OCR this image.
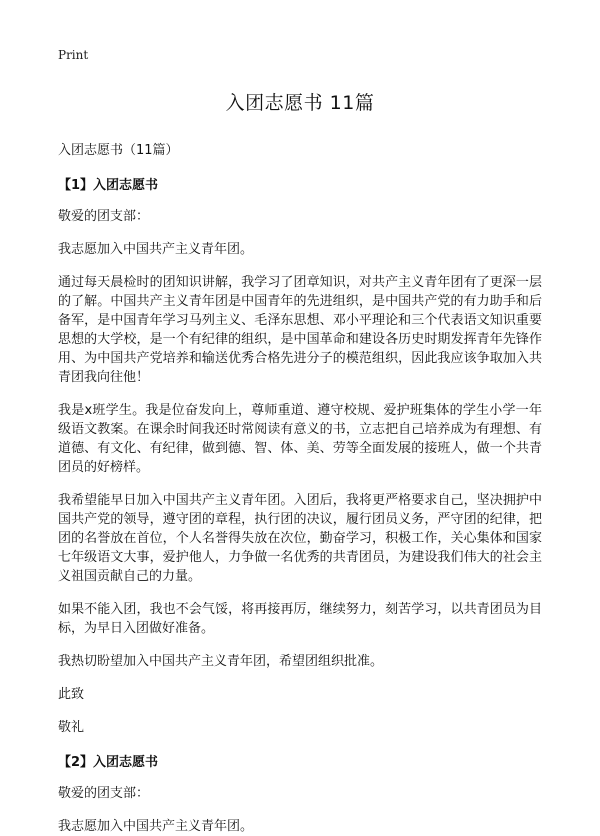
Print
入团志愿书 11篇
入团志愿书（11篇）
【1】入团志愿书

敬爱的团支部：

我志愿加入中国共产主义青年团。

通过每天晨检时的团知识讲解，我学习了团章知识，对共产主义青年团有了更深一层的了解。中国共产主义青年团是中国青年的先进组织，是中国共产党的有力助手和后备军，是中国青年学习马列主义、毛泽东思想、邓小平理论和三个代表语文知识重要思想的大学校，是一个有纪律的组织，是中国革命和建设各历史时期发挥青年先锋作用、为中国共产党培养和输送优秀合格先进分子的模范组织，因此我应该争取加入共青团我向往他！

我是x班学生。我是位奋发向上，尊师重道、遵守校规、爱护班集体的学生小学一年级语文教案。在课余时间我还时常阅读有意义的书，立志把自己培养成为有理想、有道德、有文化、有纪律，做到德、智、体、美、劳等全面发展的接班人，做一个共青团员的好榜样。

我希望能早日加入中国共产主义青年团。入团后，我将更严格要求自己，坚决拥护中国共产党的领导，遵守团的章程，执行团的决议，履行团员义务，严守团的纪律，把团的名誉放在首位，个人名誉得失放在次位，勤奋学习，积极工作，关心集体和国家七年级语文大事，爱护他人，力争做一名优秀的共青团员，为建设我们伟大的社会主义祖国贡献自己的力量。

如果不能入团，我也不会气馁，将再接再厉，继续努力，刻苦学习，以共青团员为目标，为早日入团做好准备。

我热切盼望加入中国共产主义青年团，希望团组织批准。

此致

敬礼

【2】入团志愿书

敬爱的团支部：

我志愿加入中国共产主义青年团。
